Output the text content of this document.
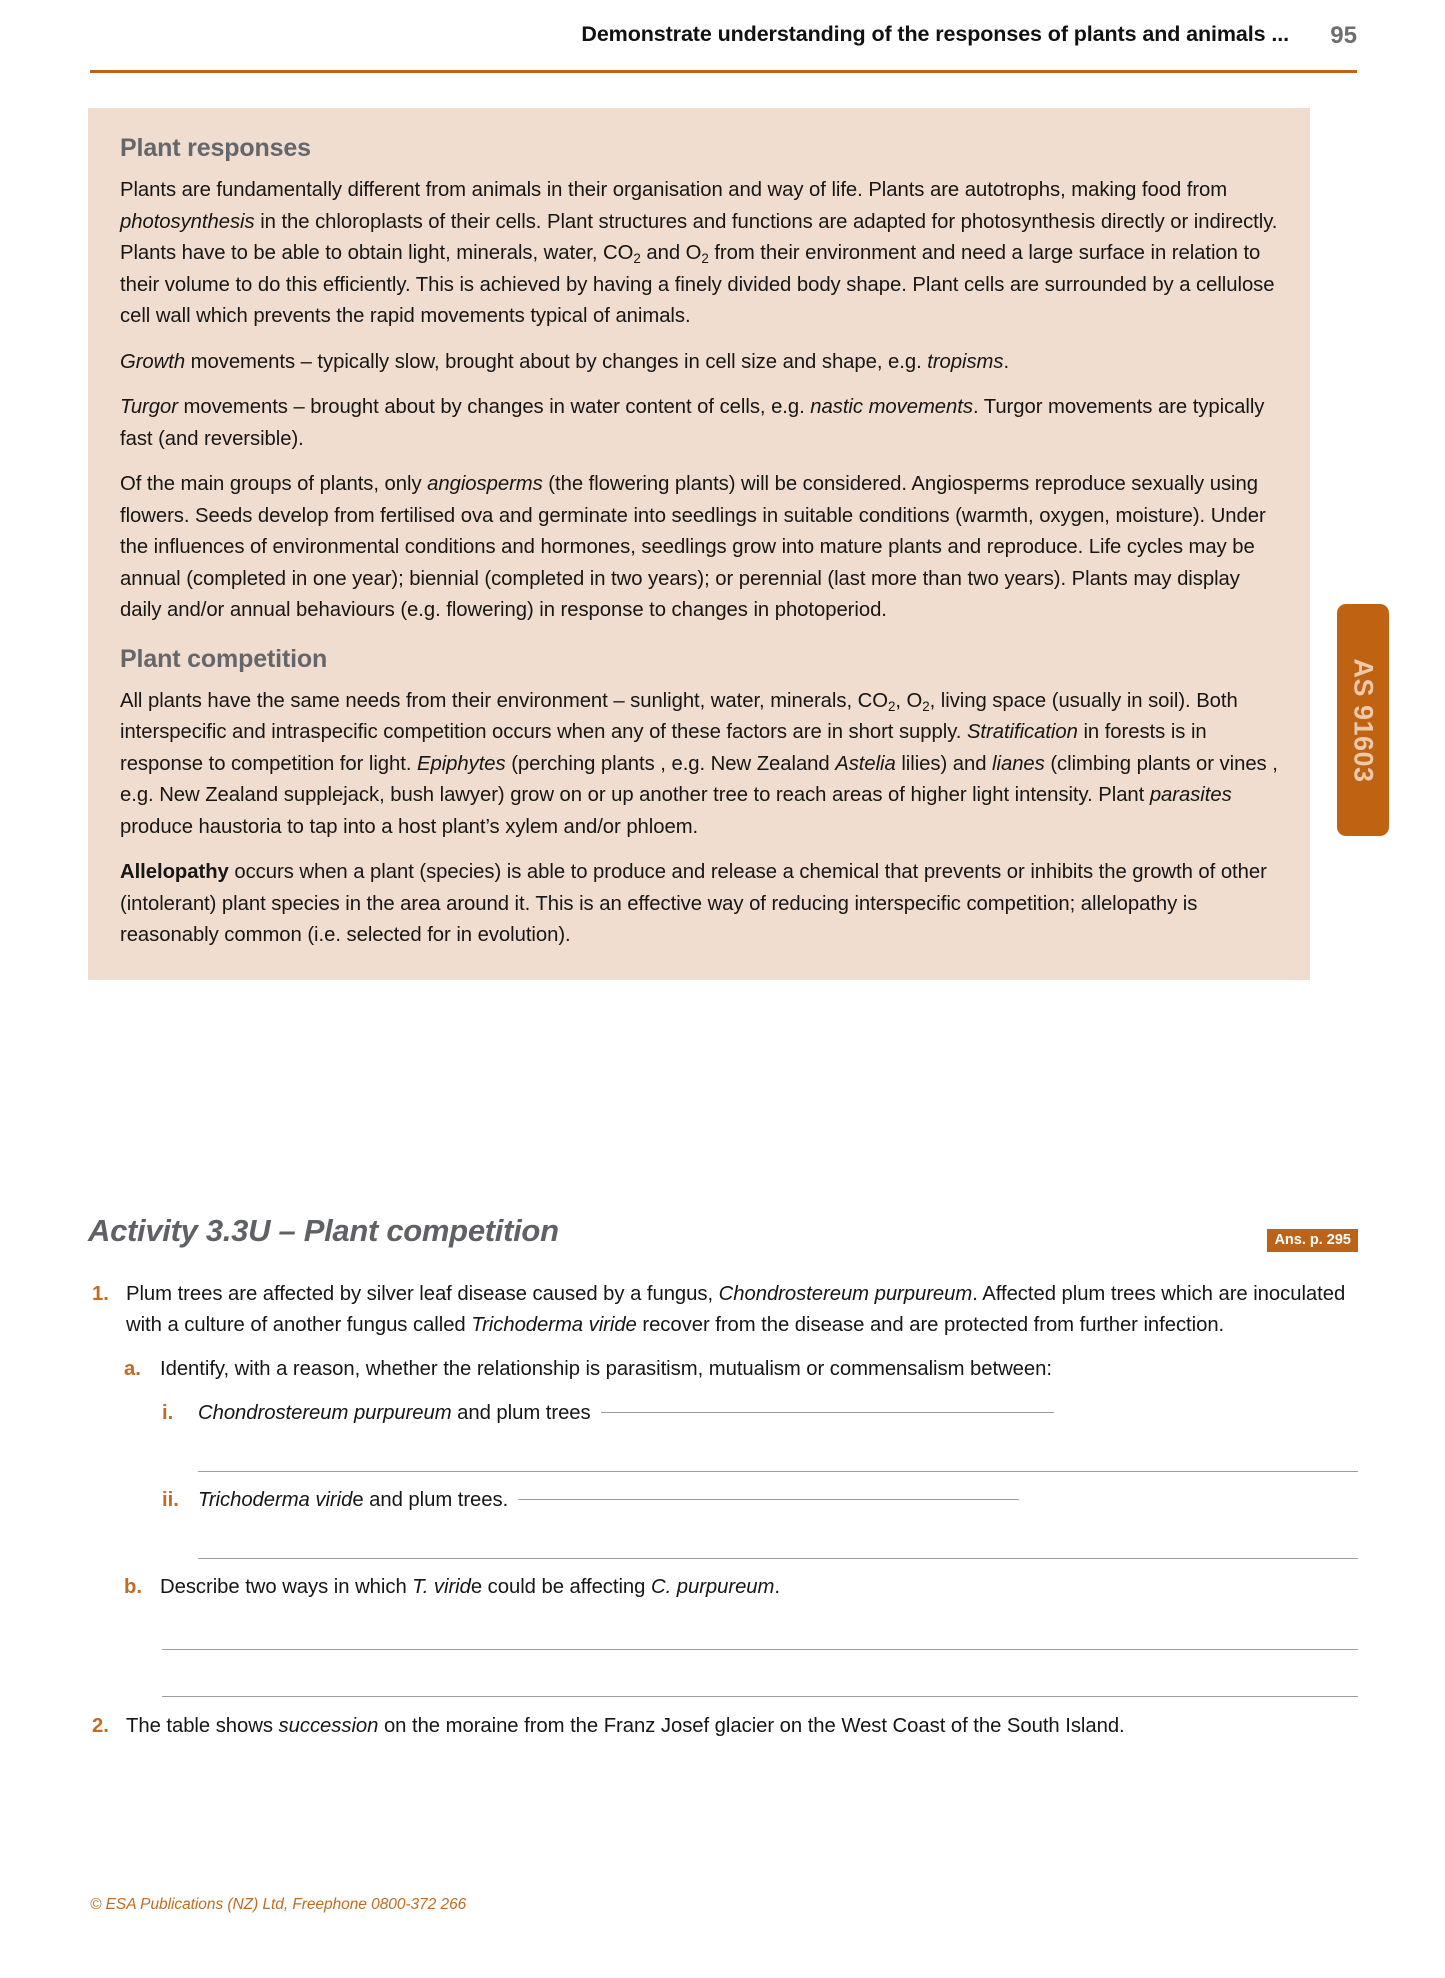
Demonstrate understanding of the responses of plants and animals ...	95
Plant responses

Plants are fundamentally different from animals in their organisation and way of life. Plants are autotrophs, making food from photosynthesis in the chloroplasts of their cells. Plant structures and functions are adapted for photosynthesis directly or indirectly. Plants have to be able to obtain light, minerals, water, $CO_2$ and $O_2$ from their environment and need a large surface in relation to their volume to do this efficiently. This is achieved by having a finely divided body shape. Plant cells are surrounded by a cellulose cell wall which prevents the rapid movements typical of animals.

Growth movements – typically slow, brought about by changes in cell size and shape, e.g. tropisms.

Turgor movements – brought about by changes in water content of cells, e.g. nastic movements. Turgor movements are typically fast (and reversible).

Of the main groups of plants, only angiosperms (the flowering plants) will be considered. Angiosperms reproduce sexually using flowers. Seeds develop from fertilised ova and germinate into seedlings in suitable conditions (warmth, oxygen, moisture). Under the influences of environmental conditions and hormones, seedlings grow into mature plants and reproduce. Life cycles may be annual (completed in one year); biennial (completed in two years); or perennial (last more than two years). Plants may display daily and/or annual behaviours (e.g. flowering) in response to changes in photoperiod.

Plant competition

All plants have the same needs from their environment – sunlight, water, minerals, $CO_2$, $O_2$, living space (usually in soil). Both interspecific and intraspecific competition occurs when any of these factors are in short supply. Stratification in forests is in response to competition for light. Epiphytes (perching plants , e.g. New Zealand Astelia lilies) and lianes (climbing plants or vines , e.g. New Zealand supplejack, bush lawyer) grow on or up another tree to reach areas of higher light intensity. Plant parasites produce haustoria to tap into a host plant’s xylem and/or phloem.

Allelopathy occurs when a plant (species) is able to produce and release a chemical that prevents or inhibits the growth of other (intolerant) plant species in the area around it. This is an effective way of reducing interspecific competition; allelopathy is reasonably common (i.e. selected for in evolution).

AS 91603
Activity 3.3U – Plant competition	Ans. p. 295
1. Plum trees are affected by silver leaf disease caused by a fungus, Chondrostereum purpureum. Affected plum trees which are inoculated with a culture of another fungus called Trichoderma viride recover from the disease and are protected from further infection.
a. Identify, with a reason, whether the relationship is parasitism, mutualism or commensalism between:
i.	Chondrostereum purpureum and plum trees
ii. Trichoderma viride and plum trees.
b. Describe two ways in which T. viride could be affecting C. purpureum.
2. The table shows succession on the moraine from the Franz Josef glacier on the West Coast of the South Island.
© ESA Publications (NZ) Ltd, Freephone 0800-372 266
